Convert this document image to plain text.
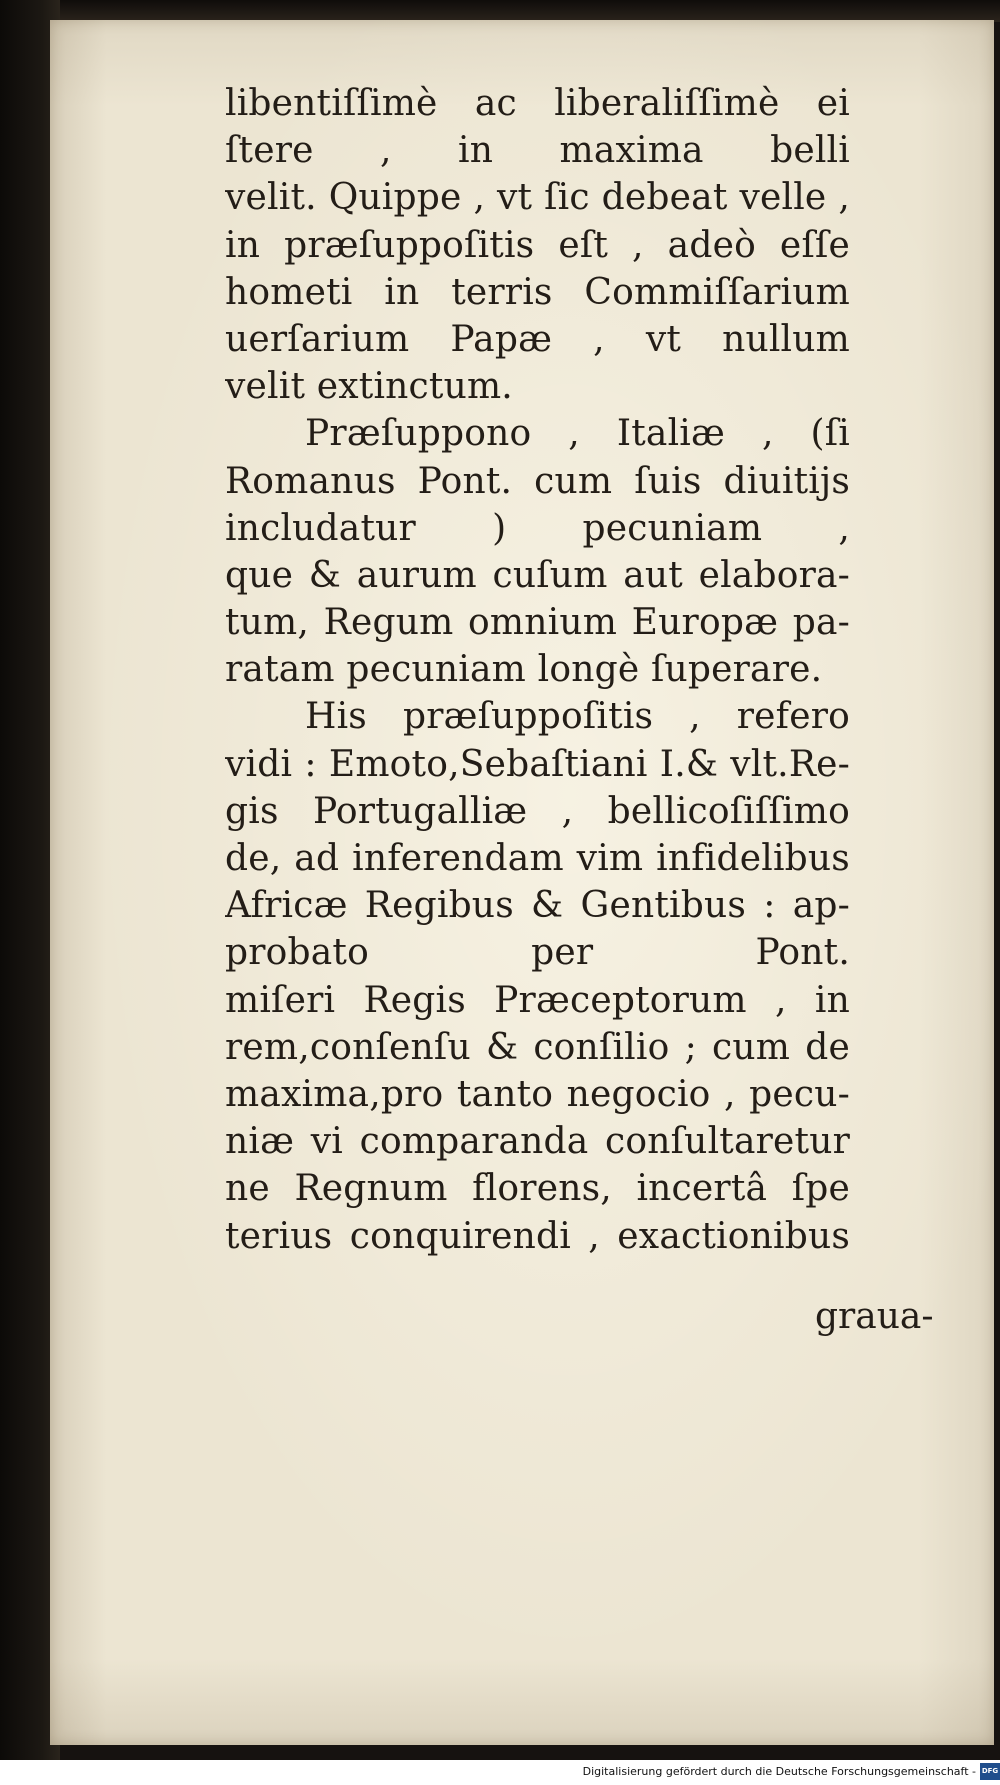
libentiſſimè ac liberaliſſimè ei
ſtere , in maxima belli
velit. Quippe , vt ſic debeat velle ,
in præſuppoſitis eſt , adeò eſſe
hometi in terris Commiſſarium
uerſarium Papæ , vt nullum
velit extinctum.
Præſuppono , Italiæ , (ſi
Romanus Pont. cum ſuis diuitijs
includatur ) pecuniam ,
que & aurum cuſum aut elabora-
tum, Regum omnium Europæ pa-
ratam pecuniam longè ſuperare.
His præſuppoſitis , refero
vidi : Emoto,Sebaſtiani I.& vlt.Re-
gis Portugalliæ , bellicoſiſſimo
de, ad inferendam vim infidelibus
Africæ Regibus & Gentibus : ap-
probato per Pont.
miſeri Regis Præceptorum , in
rem,conſenſu & conſilio ; cum de
maxima,pro tanto negocio , pecu-
niæ vi comparanda conſultaretur
ne Regnum florens, incertâ ſpe
terius conquirendi , exactionibus
graua-
Digitalisierung gefördert durch die Deutsche Forschungsgemeinschaft - DFG
